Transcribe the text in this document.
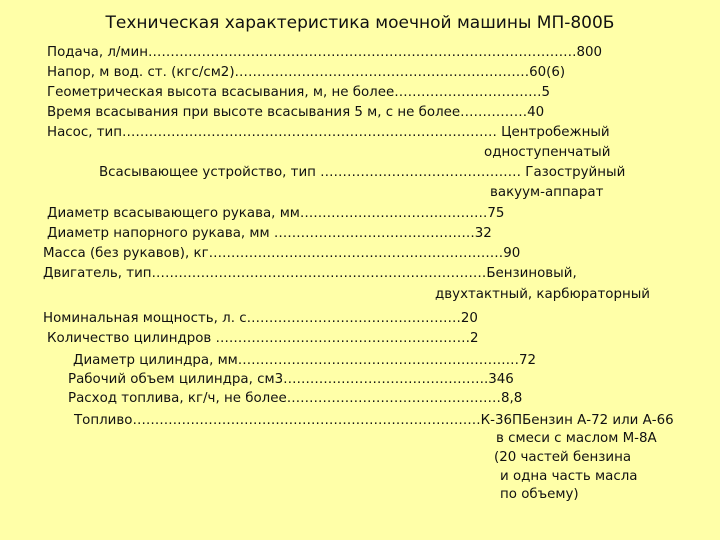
Техническая характеристика моечной машины МП-800Б
Подача, л/мин……………………………………………………………………………………800
Напор, м вод. ст. (кгс/см2)…………………………………………………………60(6)
Геометрическая высота всасывания, м, не более……………………………5
Время всасывания при высоте всасывания 5 м, с не более……………40
Насос, тип………………………………………………………………………… Центробежный
одноступенчатый
Всасывающее устройство, тип ……………………………………… Газоструйный
вакуум-аппарат
Диаметр всасывающего рукава, мм……………………………………75
Диаметр напорного рукава, мм ………………………………………32
Масса (без рукавов), кг…………………………………………………………90
Двигатель, тип…………………………………………………………………Бензиновый,
двухтактный, карбюраторный
Номинальная мощность, л. с…………………………………………20
Количество цилиндров …………………………………………………2
Диаметр цилиндра, мм………………………………………………………72
Рабочий объем цилиндра, см3……………………………………….346
Расход топлива, кг/ч, не более…………………………………………8,8
Топливо……………………………………………………………………К-36ПБензин А-72 или А-66
в смеси с маслом М-8А
(20 частей бензина
и одна часть масла
по объему)
